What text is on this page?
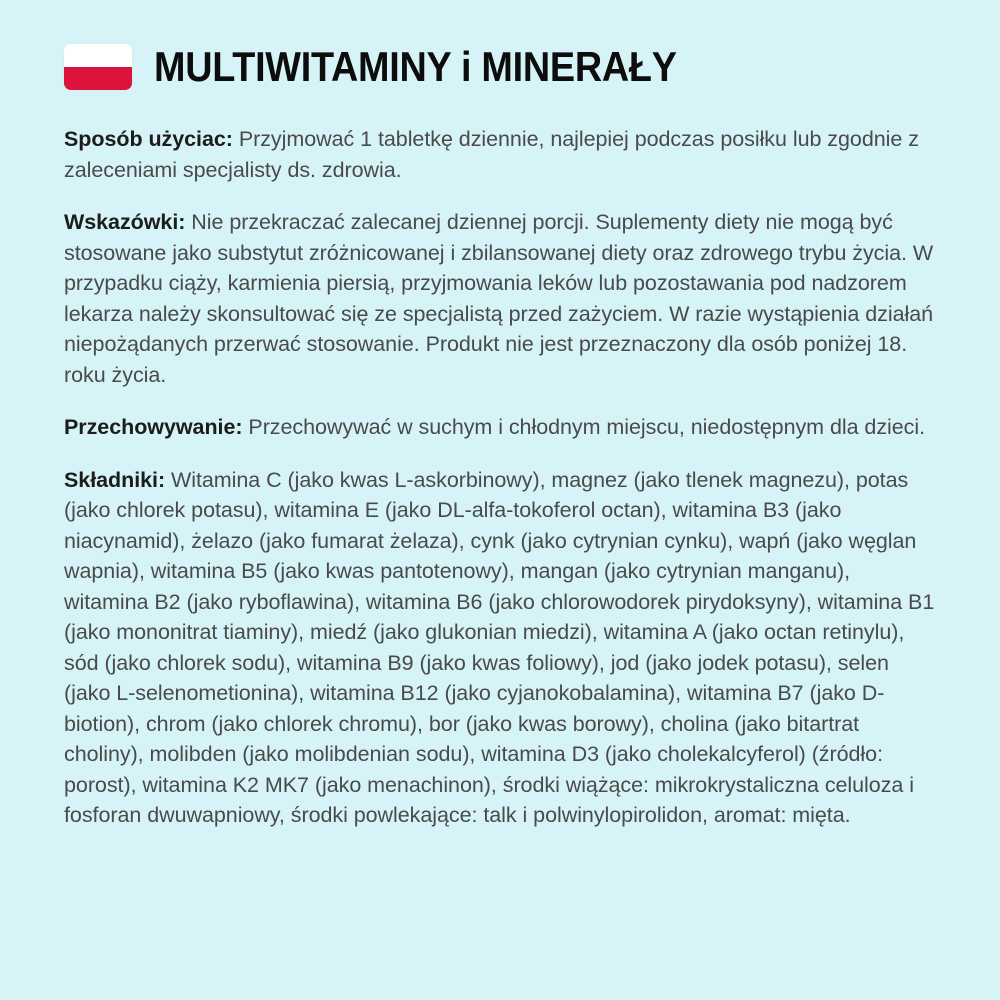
MULTIWITAMINY i MINERAŁY

Sposób użyciac: Przyjmować 1 tabletkę dziennie, najlepiej podczas posiłku lub zgodnie z zaleceniami specjalisty ds. zdrowia.

Wskazówki: Nie przekraczać zalecanej dziennej porcji. Suplementy diety nie mogą być stosowane jako substytut zróżnicowanej i zbilansowanej diety oraz zdrowego trybu życia. W przypadku ciąży, karmienia piersią, przyjmowania leków lub pozostawania pod nadzorem lekarza należy skonsultować się ze specjalistą przed zażyciem. W razie wystąpienia działań niepożądanych przerwać stosowanie. Produkt nie jest przeznaczony dla osób poniżej 18. roku życia.

Przechowywanie: Przechowywać w suchym i chłodnym miejscu, niedostępnym dla dzieci.

Składniki: Witamina C (jako kwas L-askorbinowy), magnez (jako tlenek magnezu), potas (jako chlorek potasu), witamina E (jako DL-alfa-tokoferol octan), witamina B3 (jako niacynamid), żelazo (jako fumarat żelaza), cynk (jako cytrynian cynku), wapń (jako węglan wapnia), witamina B5 (jako kwas pantotenowy), mangan (jako cytrynian manganu), witamina B2 (jako ryboflawina), witamina B6 (jako chlorowodorek pirydoksyny), witamina B1 (jako mononitrat tiaminy), miedź (jako glukonian miedzi), witamina A (jako octan retinylu), sód (jako chlorek sodu), witamina B9 (jako kwas foliowy), jod (jako jodek potasu), selen (jako L-selenometionina), witamina B12 (jako cyjanokobalamina), witamina B7 (jako D-biotion), chrom (jako chlorek chromu), bor (jako kwas borowy), cholina (jako bitartrat choliny), molibden (jako molibdenian sodu), witamina D3 (jako cholekalcyferol) (źródło: porost), witamina K2 MK7 (jako menachinon), środki wiążące: mikrokrystaliczna celuloza i fosforan dwuwapniowy, środki powlekające: talk i polwinylopirolidon, aromat: mięta.
